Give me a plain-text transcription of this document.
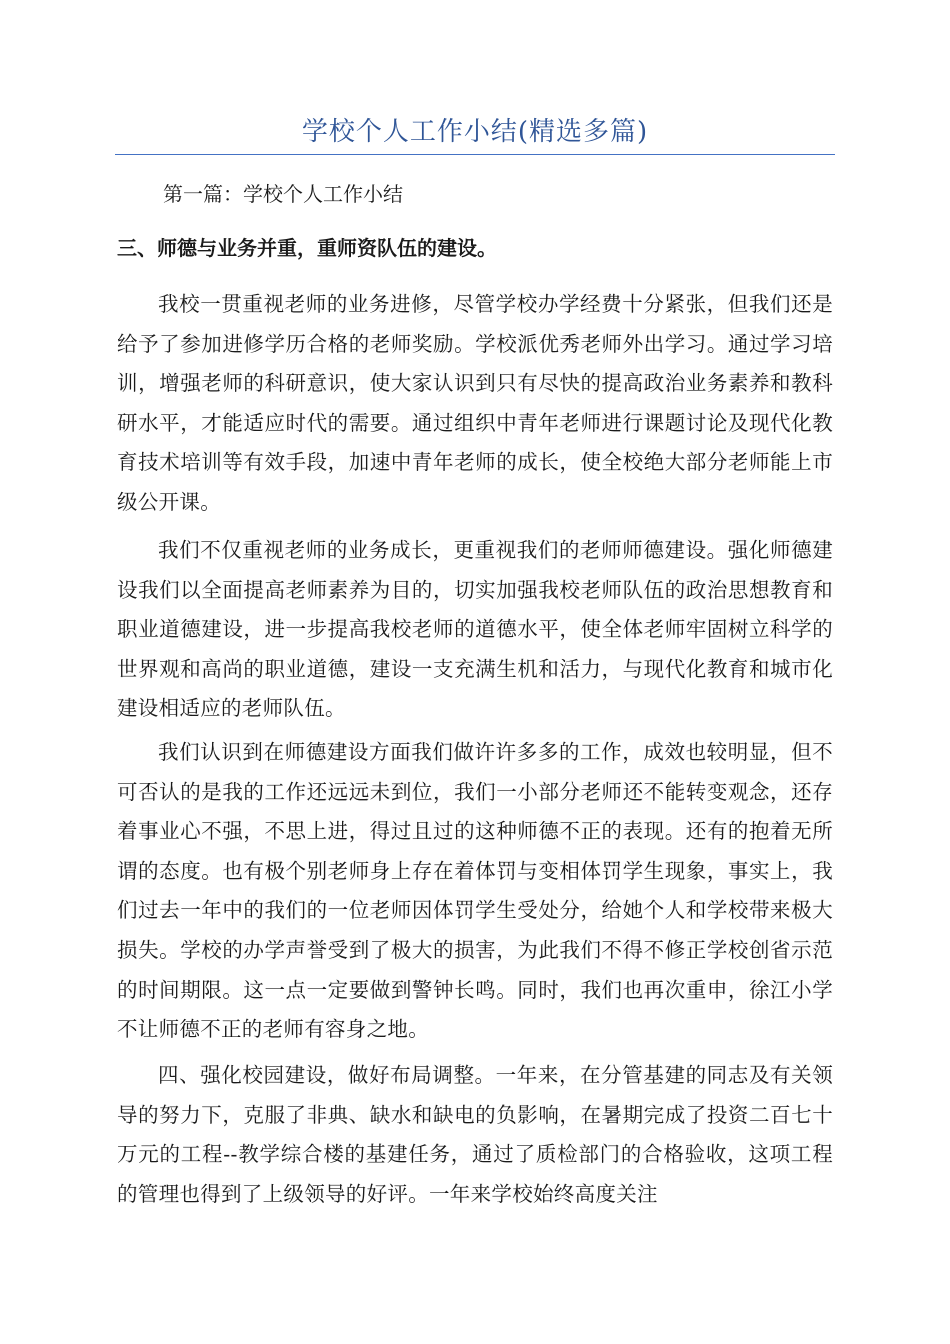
学校个人工作小结(精选多篇)

第一篇：学校个人工作小结

三、师德与业务并重，重师资队伍的建设。

我校一贯重视老师的业务进修，尽管学校办学经费十分紧张，但我们还是给予了参加进修学历合格的老师奖励。学校派优秀老师外出学习。通过学习培训，增强老师的科研意识，使大家认识到只有尽快的提高政治业务素养和教科研水平，才能适应时代的需要。通过组织中青年老师进行课题讨论及现代化教育技术培训等有效手段，加速中青年老师的成长，使全校绝大部分老师能上市级公开课。

我们不仅重视老师的业务成长，更重视我们的老师师德建设。强化师德建设我们以全面提高老师素养为目的，切实加强我校老师队伍的政治思想教育和职业道德建设，进一步提高我校老师的道德水平，使全体老师牢固树立科学的世界观和高尚的职业道德，建设一支充满生机和活力，与现代化教育和城市化建设相适应的老师队伍。

我们认识到在师德建设方面我们做许许多多的工作，成效也较明显，但不可否认的是我的工作还远远未到位，我们一小部分老师还不能转变观念，还存着事业心不强，不思上进，得过且过的这种师德不正的表现。还有的抱着无所谓的态度。也有极个别老师身上存在着体罚与变相体罚学生现象，事实上，我们过去一年中的我们的一位老师因体罚学生受处分，给她个人和学校带来极大损失。学校的办学声誉受到了极大的损害，为此我们不得不修正学校创省示范的时间期限。这一点一定要做到警钟长鸣。同时，我们也再次重申，徐江小学不让师德不正的老师有容身之地。

四、强化校园建设，做好布局调整。一年来，在分管基建的同志及有关领导的努力下，克服了非典、缺水和缺电的负影响，在暑期完成了投资二百七十万元的工程--教学综合楼的基建任务，通过了质检部门的合格验收，这项工程的管理也得到了上级领导的好评。一年来学校始终高度关注
